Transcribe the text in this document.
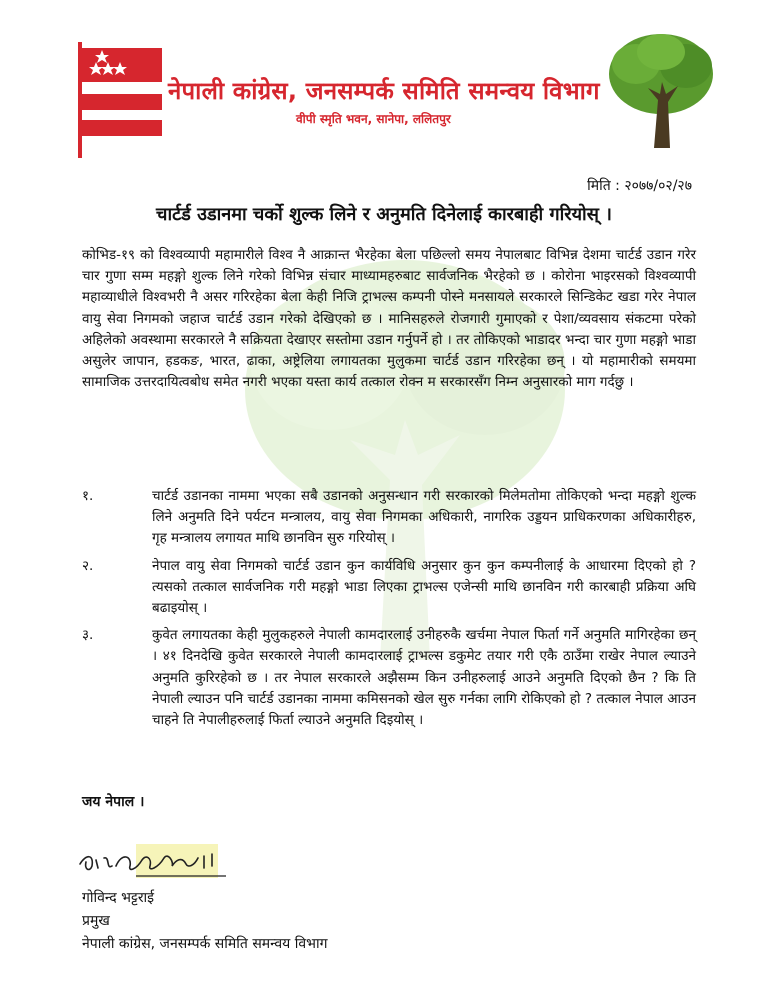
नेपाली कांग्रेस, जनसम्पर्क समिति समन्वय विभाग
वीपी स्मृति भवन, सानेपा, ललितपुर
मिति : २०७७/०२/२७
चार्टर्ड उडानमा चर्को शुल्क लिने र अनुमति दिनेलाई कारबाही गरियोस् ।

कोभिड-१९ को विश्वव्यापी महामारीले विश्व नै आक्रान्त भैरहेका बेला पछिल्लो समय नेपालबाट विभिन्न देशमा चार्टर्ड उडान गरेर चार गुणा सम्म महङ्गो शुल्क लिने गरेको विभिन्न संचार माध्यामहरुबाट सार्वजनिक भैरहेको छ । कोरोना भाइरसको विश्वव्यापी महाव्याधीले विश्वभरी नै असर गरिरहेका बेला केही निजि ट्राभल्स कम्पनी पोस्ने मनसायले सरकारले सिन्डिकेट खडा गरेर नेपाल वायु सेवा निगमको जहाज चार्टर्ड उडान गरेको देखिएको छ । मानिसहरुले रोजगारी गुमाएको र पेशा/व्यवसाय संकटमा परेको अहिलेको अवस्थामा सरकारले नै सक्रियता देखाएर सस्तोमा उडान गर्नुपर्ने हो । तर तोकिएको भाडादर भन्दा चार गुणा महङ्गो भाडा असुलेर जापान, हडकङ, भारत, ढाका, अष्ट्रेलिया लगायतका मुलुकमा चार्टर्ड उडान गरिरहेका छन् । यो महामारीको समयमा सामाजिक उत्तरदायित्वबोध समेत नगरी भएका यस्ता कार्य तत्काल रोक्न म सरकारसँग निम्न अनुसारको माग गर्दछु ।

१.	चार्टर्ड उडानका नाममा भएका सबै उडानको अनुसन्धान गरी सरकारको मिलेमतोमा तोकिएको भन्दा महङ्गो शुल्क लिने अनुमति दिने पर्यटन मन्त्रालय, वायु सेवा निगमका अधिकारी, नागरिक उड्डयन प्राधिकरणका अधिकारीहरु, गृह मन्त्रालय लगायत माथि छानविन सुरु गरियोस् ।
२.	नेपाल वायु सेवा निगमको चार्टर्ड उडान कुन कार्यविधि अनुसार कुन कुन कम्पनीलाई के आधारमा दिएको हो ? त्यसको तत्काल सार्वजनिक गरी महङ्गो भाडा लिएका ट्राभल्स एजेन्सी माथि छानविन गरी कारबाही प्रक्रिया अघि बढाइयोस् ।
३.	कुवेत लगायतका केही मुलुकहरुले नेपाली कामदारलाई उनीहरुकै खर्चमा नेपाल फिर्ता गर्ने अनुमति मागिरहेका छन् । ४१ दिनदेखि कुवेत सरकारले नेपाली कामदारलाई ट्राभल्स डकुमेट तयार गरी एकै ठाउँमा राखेर नेपाल ल्याउने अनुमति कुरिरहेको छ । तर नेपाल सरकारले अझैसम्म किन उनीहरुलाई आउने अनुमति दिएको छैन ? कि ति नेपाली ल्याउन पनि चार्टर्ड उडानका नाममा कमिसनको खेल सुरु गर्नका लागि रोकिएको हो ? तत्काल नेपाल आउन चाहने ति नेपालीहरुलाई फिर्ता ल्याउने अनुमति दिइयोस् ।
जय नेपाल ।
गोविन्द भट्टराई
प्रमुख
नेपाली कांग्रेस, जनसम्पर्क समिति समन्वय विभाग
